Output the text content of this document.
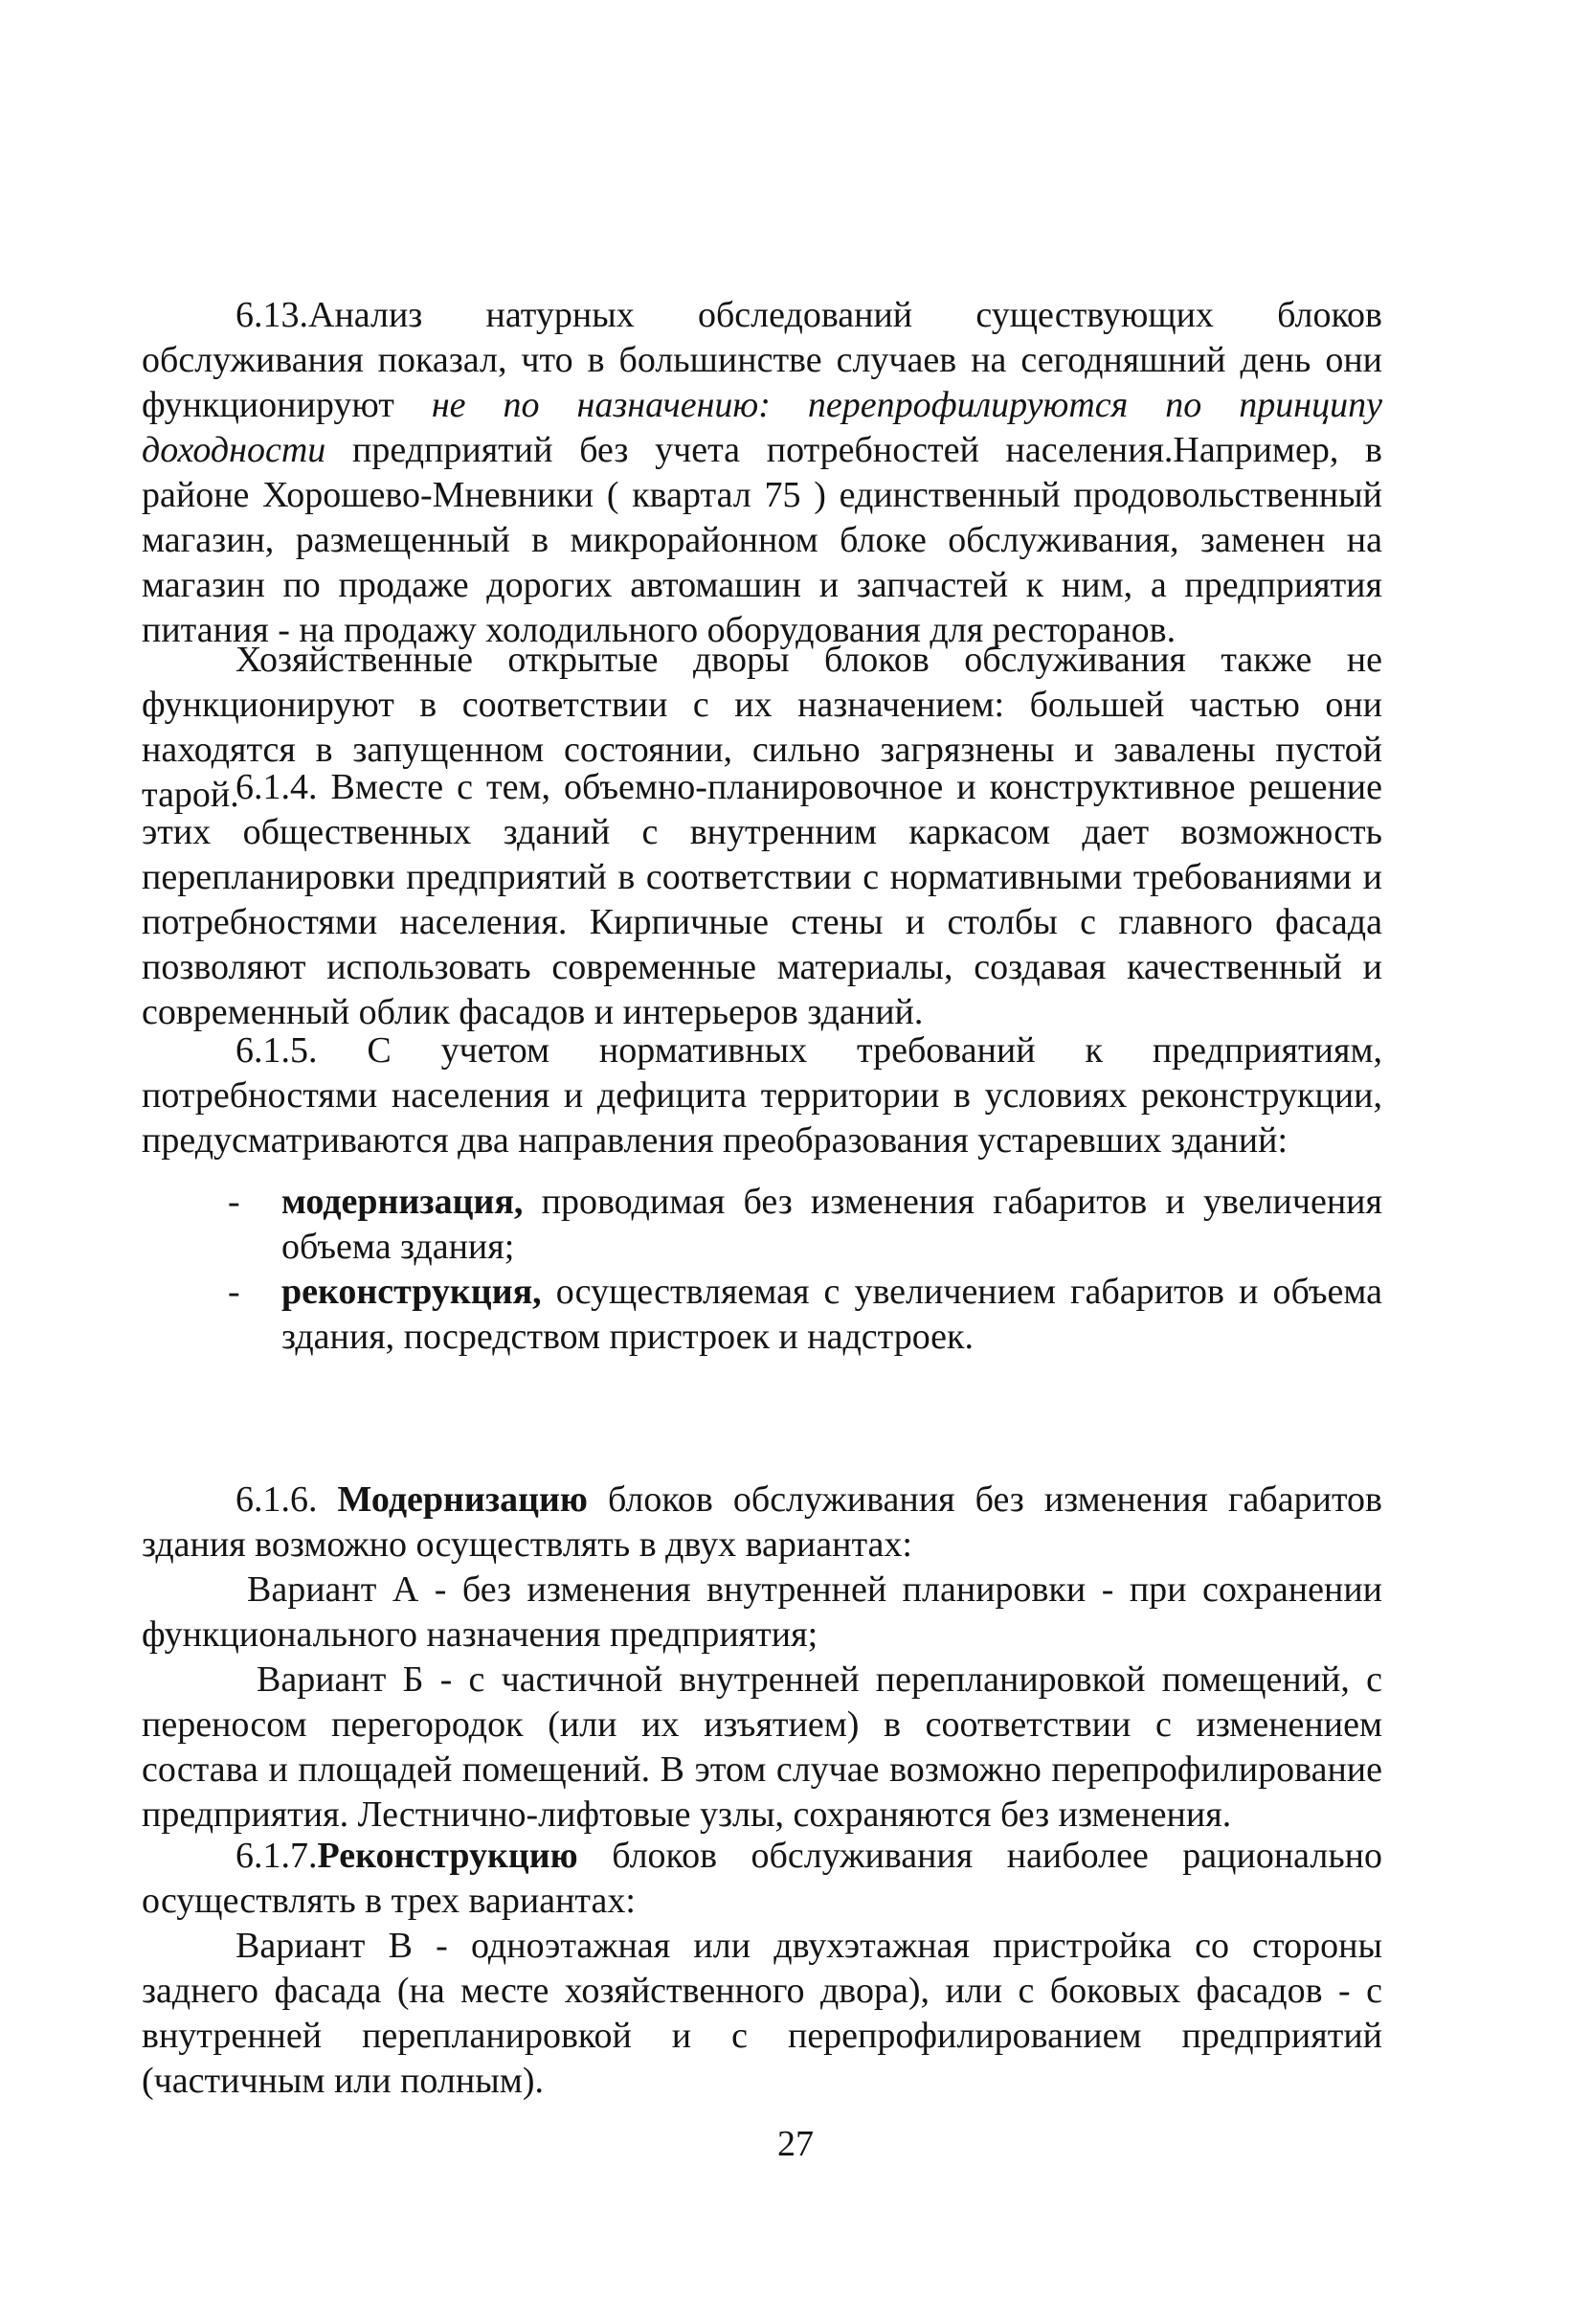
6.13.Анализ натурных обследований существующих блоков обслуживания показал, что в большинстве случаев на сегодняшний день они функционируют не по назначению: перепрофилируются по принципу доходности предприятий без учета потребностей населения.Например, в районе Хорошево-Мневники ( квартал 75 ) единственный продовольственный магазин, размещенный в микрорайонном блоке обслуживания, заменен на магазин по продаже дорогих автомашин и запчастей к ним, а предприятия питания - на продажу холодильного оборудования для ресторанов.

Хозяйственные открытые дворы блоков обслуживания также не функционируют в соответствии с их назначением: большей частью они находятся в запущенном состоянии, сильно загрязнены и завалены пустой тарой.

6.1.4. Вместе с тем, объемно-планировочное и конструктивное решение этих общественных зданий с внутренним каркасом дает возможность перепланировки предприятий в соответствии с нормативными требованиями и потребностями населения. Кирпичные стены и столбы с главного фасада позволяют использовать современные материалы, создавая качественный и современный облик фасадов и интерьеров зданий.

6.1.5. С учетом нормативных требований к предприятиям, потребностями населения и дефицита территории в условиях реконструкции, предусматриваются два направления преобразования устаревших зданий:

- модернизация, проводимая без изменения габаритов и увеличения объема здания;
- реконструкция, осуществляемая с увеличением габаритов и объема здания, посредством пристроек и надстроек.

6.1.6. Модернизацию блоков обслуживания без изменения габаритов здания возможно осуществлять в двух вариантах:

Вариант А - без изменения внутренней планировки - при сохранении функционального назначения предприятия;

Вариант Б - с частичной внутренней перепланировкой помещений, с переносом перегородок (или их изъятием) в соответствии с изменением состава и площадей помещений. В этом случае возможно перепрофилирование предприятия. Лестнично-лифтовые узлы, сохраняются без изменения.

6.1.7.Реконструкцию блоков обслуживания наиболее рационально осуществлять в трех вариантах:

Вариант В - одноэтажная или двухэтажная пристройка со стороны заднего фасада (на месте хозяйственного двора), или с боковых фасадов - с внутренней перепланировкой и с перепрофилированием предприятий (частичным или полным).

27
